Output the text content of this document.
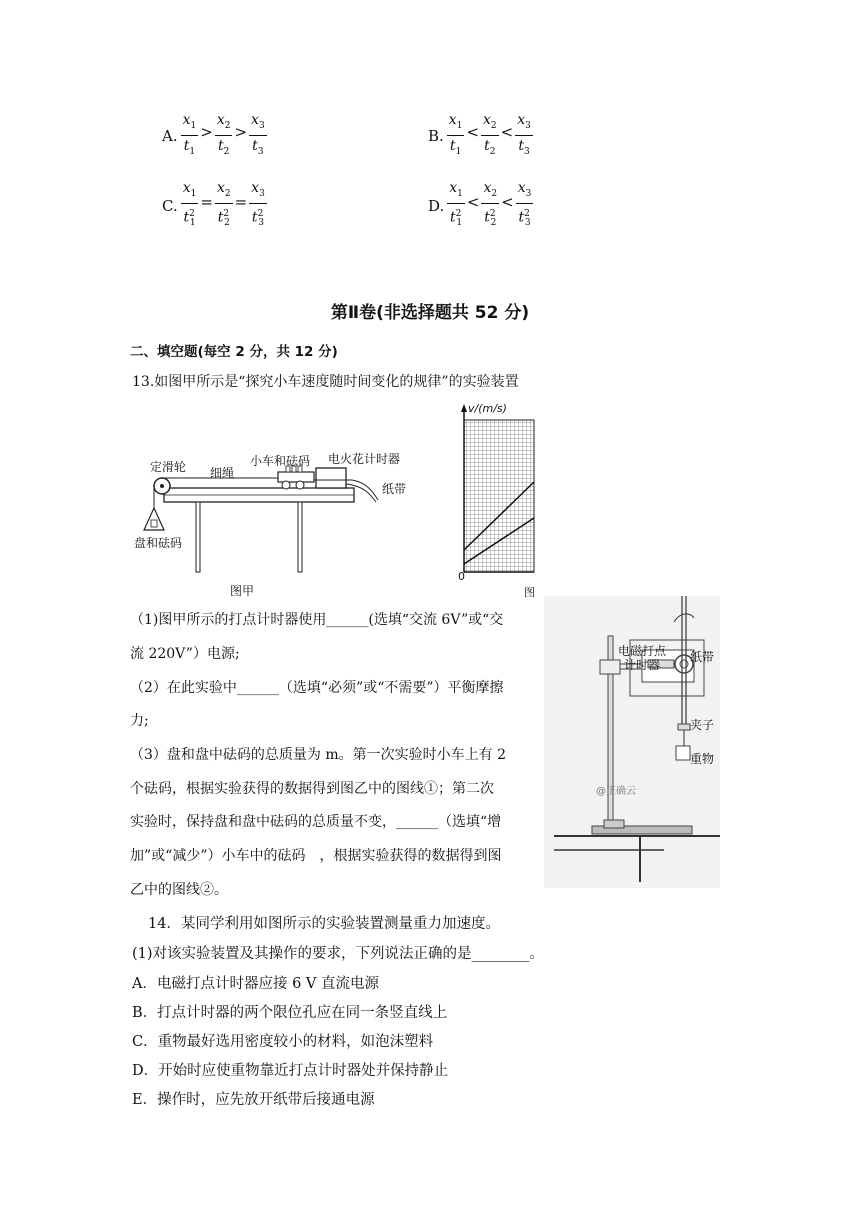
A. $\frac{x_1}{t_1} > \frac{x_2}{t_2} > \frac{x_3}{t_3}$	B. $\frac{x_1}{t_1} < \frac{x_2}{t_2} < \frac{x_3}{t_3}$
C. $\frac{x_1}{t^2_1} = \frac{x_2}{t^2_2} = \frac{x_3}{t^2_3}$	D. $\frac{x_1}{t^2_1} < \frac{x_2}{t^2_2} < \frac{x_3}{t^2_3}$
第Ⅱ卷(非选择题共 52 分)
二、填空题(每空 2 分，共 12 分)
13.如图甲所示是“探究小车速度随时间变化的规律”的实验装置
定滑轮 细绳
小车和砝码 电火花计时器
纸带
盘和砝码
图甲
v/(m/s)
0
图
（1)图甲所示的打点计时器使用______(选填“交流 6V”或“交
流 220V”）电源;
（2）在此实验中______（选填“必须”或“不需要”）平衡摩擦
力;
（3）盘和盘中砝码的总质量为 m。第一次实验时小车上有 2
个砝码，根据实验获得的数据得到图乙中的图线①；第二次
实验时，保持盘和盘中砝码的总质量不变，______（选填“增
加”或“减少”）小车中的砝码　，根据实验获得的数据得到图
乙中的图线②。
电磁打点
计时器
纸带
夹子
重物
@正确云
14．某同学利用如图所示的实验装置测量重力加速度。
(1)对该实验装置及其操作的要求，下列说法正确的是________。
A．电磁打点计时器应接 6 V 直流电源
B．打点计时器的两个限位孔应在同一条竖直线上
C．重物最好选用密度较小的材料，如泡沫塑料
D．开始时应使重物靠近打点计时器处并保持静止
E．操作时，应先放开纸带后接通电源
